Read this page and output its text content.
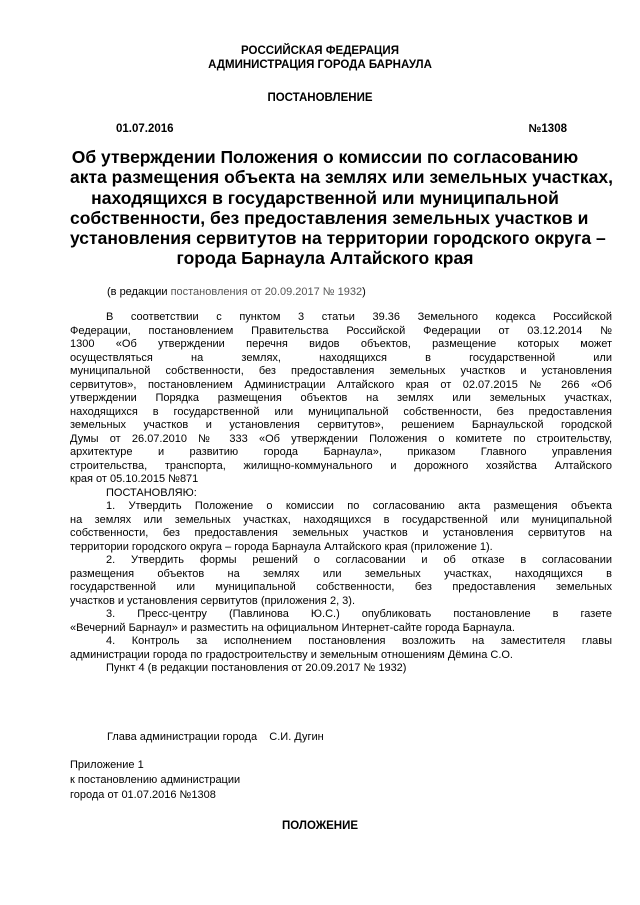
РОССИЙСКАЯ ФЕДЕРАЦИЯ
АДМИНИСТРАЦИЯ ГОРОДА БАРНАУЛА
ПОСТАНОВЛЕНИЕ
01.07.2016	№1308
Об утверждении Положения о комиссии по согласованию
акта размещения объекта на землях или земельных участках,
находящихся в государственной или муниципальной
собственности, без предоставления земельных участков и
установления сервитутов на территории городского округа –
города Барнаула Алтайского края
(в редакции постановления от 20.09.2017 № 1932)
В соответствии с пунктом 3 статьи 39.36 Земельного кодекса Российской
Федерации, постановлением Правительства Российской Федерации от 03.12.2014 №
1300 «Об утверждении перечня видов объектов, размещение которых может
осуществляться на землях, находящихся в государственной или
муниципальной собственности, без предоставления земельных участков и установления
сервитутов», постановлением Администрации Алтайского края от 02.07.2015 № 266 «Об
утверждении Порядка размещения объектов на землях или земельных участках,
находящихся в государственной или муниципальной собственности, без предоставления
земельных участков и установления сервитутов», решением Барнаульской городской
Думы от 26.07.2010 № 333 «Об утверждении Положения о комитете по строительству,
архитектуре и развитию города Барнаула», приказом Главного управления
строительства, транспорта, жилищно-коммунального и дорожного хозяйства Алтайского
края от 05.10.2015 №871
ПОСТАНОВЛЯЮ:
1. Утвердить Положение о комиссии по согласованию акта размещения объекта
на землях или земельных участках, находящихся в государственной или муниципальной
собственности, без предоставления земельных участков и установления сервитутов на
территории городского округа – города Барнаула Алтайского края (приложение 1).
2. Утвердить формы решений о согласовании и об отказе в согласовании
размещения объектов на землях или земельных участках, находящихся в
государственной или муниципальной собственности, без предоставления земельных
участков и установления сервитутов (приложения 2, 3).
3. Пресс-центру (Павлинова Ю.С.) опубликовать постановление в газете
«Вечерний Барнаул» и разместить на официальном Интернет-сайте города Барнаула.
4. Контроль за исполнением постановления возложить на заместителя главы
администрации города по градостроительству и земельным отношениям Дёмина С.О.
Пункт 4 (в редакции постановления от 20.09.2017 № 1932)
Глава администрации города    С.И. Дугин
Приложение 1
к постановлению администрации
города от 01.07.2016 №1308
ПОЛОЖЕНИЕ
